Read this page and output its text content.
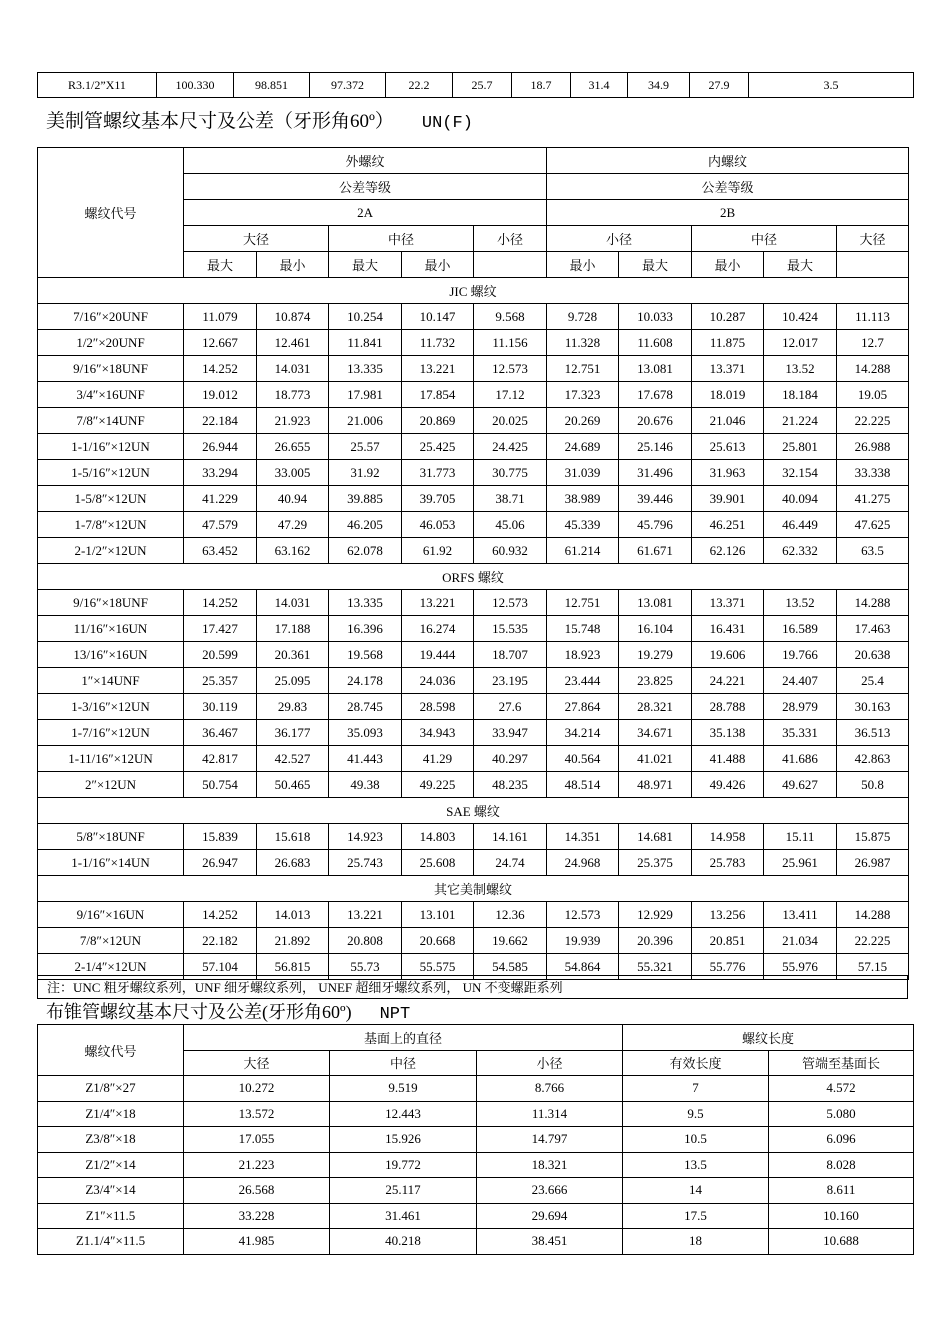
R3.1/2”X11	100.330	98.851	97.372	22.2	25.7	18.7	31.4	34.9	27.9	3.5
美制管螺纹基本尺寸及公差（牙形角60º） UN(F)
螺纹代号	外螺纹					内螺纹				
	公差等级					公差等级				
	2A					2B				
	大径		中径		小径	小径		中径		大径
	最大	最小	最大	最小		最小	最大	最小	最大	
JIC 螺纹										
7/16″×20UNF	11.079	10.874	10.254	10.147	9.568	9.728	10.033	10.287	10.424	11.113
1/2″×20UNF	12.667	12.461	11.841	11.732	11.156	11.328	11.608	11.875	12.017	12.7
9/16″×18UNF	14.252	14.031	13.335	13.221	12.573	12.751	13.081	13.371	13.52	14.288
3/4″×16UNF	19.012	18.773	17.981	17.854	17.12	17.323	17.678	18.019	18.184	19.05
7/8″×14UNF	22.184	21.923	21.006	20.869	20.025	20.269	20.676	21.046	21.224	22.225
1-1/16″×12UN	26.944	26.655	25.57	25.425	24.425	24.689	25.146	25.613	25.801	26.988
1-5/16″×12UN	33.294	33.005	31.92	31.773	30.775	31.039	31.496	31.963	32.154	33.338
1-5/8″×12UN	41.229	40.94	39.885	39.705	38.71	38.989	39.446	39.901	40.094	41.275
1-7/8″×12UN	47.579	47.29	46.205	46.053	45.06	45.339	45.796	46.251	46.449	47.625
2-1/2″×12UN	63.452	63.162	62.078	61.92	60.932	61.214	61.671	62.126	62.332	63.5
ORFS 螺纹										
9/16″×18UNF	14.252	14.031	13.335	13.221	12.573	12.751	13.081	13.371	13.52	14.288
11/16″×16UN	17.427	17.188	16.396	16.274	15.535	15.748	16.104	16.431	16.589	17.463
13/16″×16UN	20.599	20.361	19.568	19.444	18.707	18.923	19.279	19.606	19.766	20.638
1″×14UNF	25.357	25.095	24.178	24.036	23.195	23.444	23.825	24.221	24.407	25.4
1-3/16″×12UN	30.119	29.83	28.745	28.598	27.6	27.864	28.321	28.788	28.979	30.163
1-7/16″×12UN	36.467	36.177	35.093	34.943	33.947	34.214	34.671	35.138	35.331	36.513
1-11/16″×12UN	42.817	42.527	41.443	41.29	40.297	40.564	41.021	41.488	41.686	42.863
2″×12UN	50.754	50.465	49.38	49.225	48.235	48.514	48.971	49.426	49.627	50.8
SAE 螺纹										
5/8″×18UNF	15.839	15.618	14.923	14.803	14.161	14.351	14.681	14.958	15.11	15.875
1-1/16″×14UN	26.947	26.683	25.743	25.608	24.74	24.968	25.375	25.783	25.961	26.987
其它美制螺纹										
9/16″×16UN	14.252	14.013	13.221	13.101	12.36	12.573	12.929	13.256	13.411	14.288
7/8″×12UN	22.182	21.892	20.808	20.668	19.662	19.939	20.396	20.851	21.034	22.225
2-1/4″×12UN	57.104	56.815	55.73	55.575	54.585	54.864	55.321	55.776	55.976	57.15
注：UNC 粗牙螺纹系列，UNF 细牙螺纹系列， UNEF 超细牙螺纹系列， UN 不变螺距系列
布锥管螺纹基本尺寸及公差(牙形角60º) NPT
螺纹代号	基面上的直径			螺纹长度	
	大径	中径	小径	有效长度	管端至基面长
Z1/8″×27	10.272	9.519	8.766	7	4.572
Z1/4″×18	13.572	12.443	11.314	9.5	5.080
Z3/8″×18	17.055	15.926	14.797	10.5	6.096
Z1/2″×14	21.223	19.772	18.321	13.5	8.028
Z3/4″×14	26.568	25.117	23.666	14	8.611
Z1″×11.5	33.228	31.461	29.694	17.5	10.160
Z1.1/4″×11.5	41.985	40.218	38.451	18	10.688
